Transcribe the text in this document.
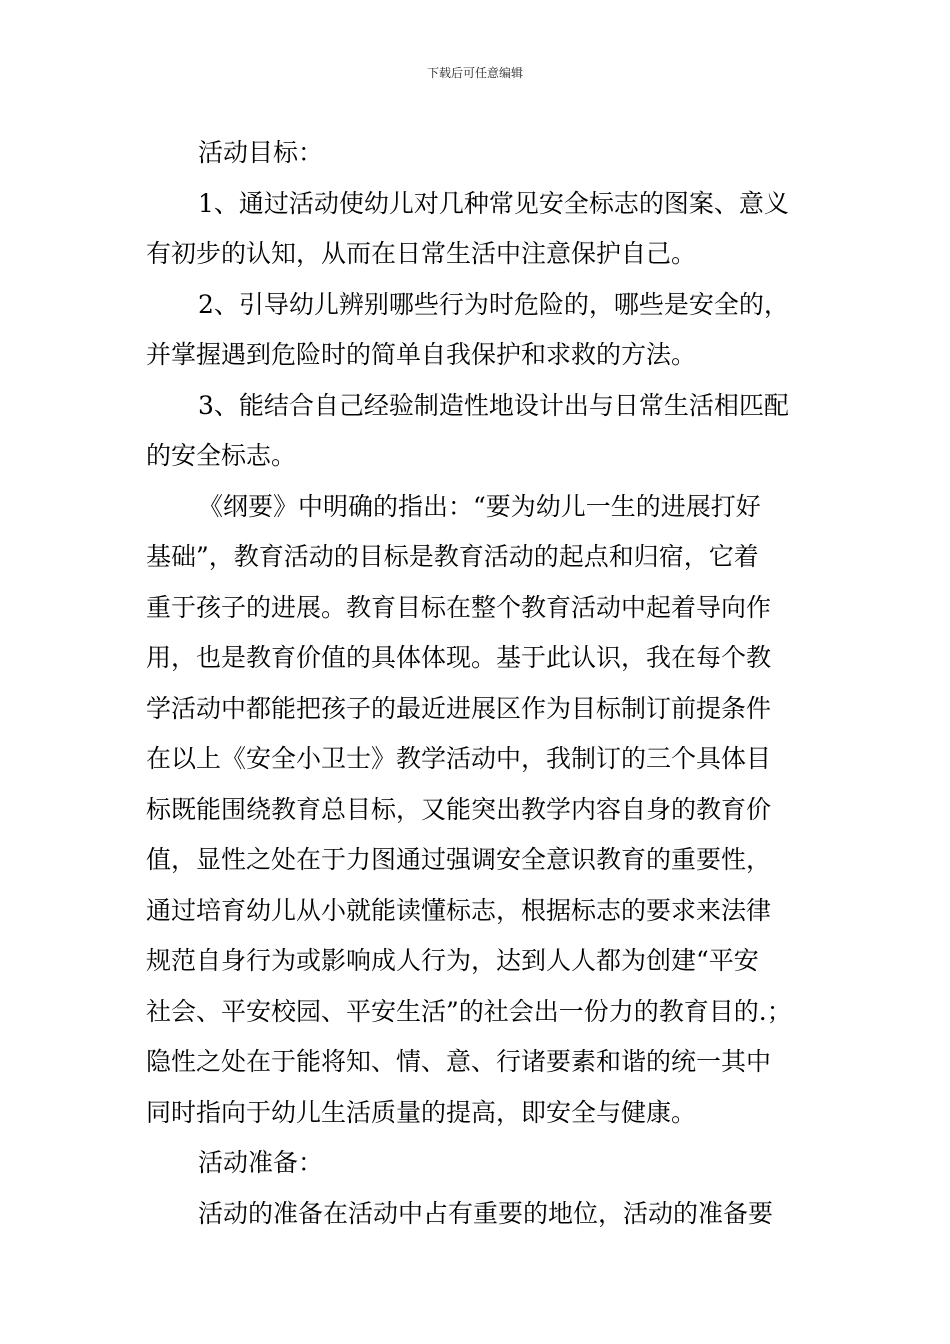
下载后可任意编辑
活动目标：
1、通过活动使幼儿对几种常见安全标志的图案、意义
有初步的认知，从而在日常生活中注意保护自己。
2、引导幼儿辨别哪些行为时危险的，哪些是安全的，
并掌握遇到危险时的简单自我保护和求救的方法。
3、能结合自己经验制造性地设计出与日常生活相匹配
的安全标志。
《纲要》中明确的指出：“要为幼儿一生的进展打好
基础”，教育活动的目标是教育活动的起点和归宿，它着
重于孩子的进展。教育目标在整个教育活动中起着导向作
用，也是教育价值的具体体现。基于此认识，我在每个教
学活动中都能把孩子的最近进展区作为目标制订前提条件
在以上《安全小卫士》教学活动中，我制订的三个具体目
标既能围绕教育总目标，又能突出教学内容自身的教育价
值，显性之处在于力图通过强调安全意识教育的重要性，
通过培育幼儿从小就能读懂标志，根据标志的要求来法律
规范自身行为或影响成人行为，达到人人都为创建“平安
社会、平安校园、平安生活”的社会出一份力的教育目的.；
隐性之处在于能将知、情、意、行诸要素和谐的统一其中
同时指向于幼儿生活质量的提高，即安全与健康。
活动准备：
活动的准备在活动中占有重要的地位，活动的准备要
